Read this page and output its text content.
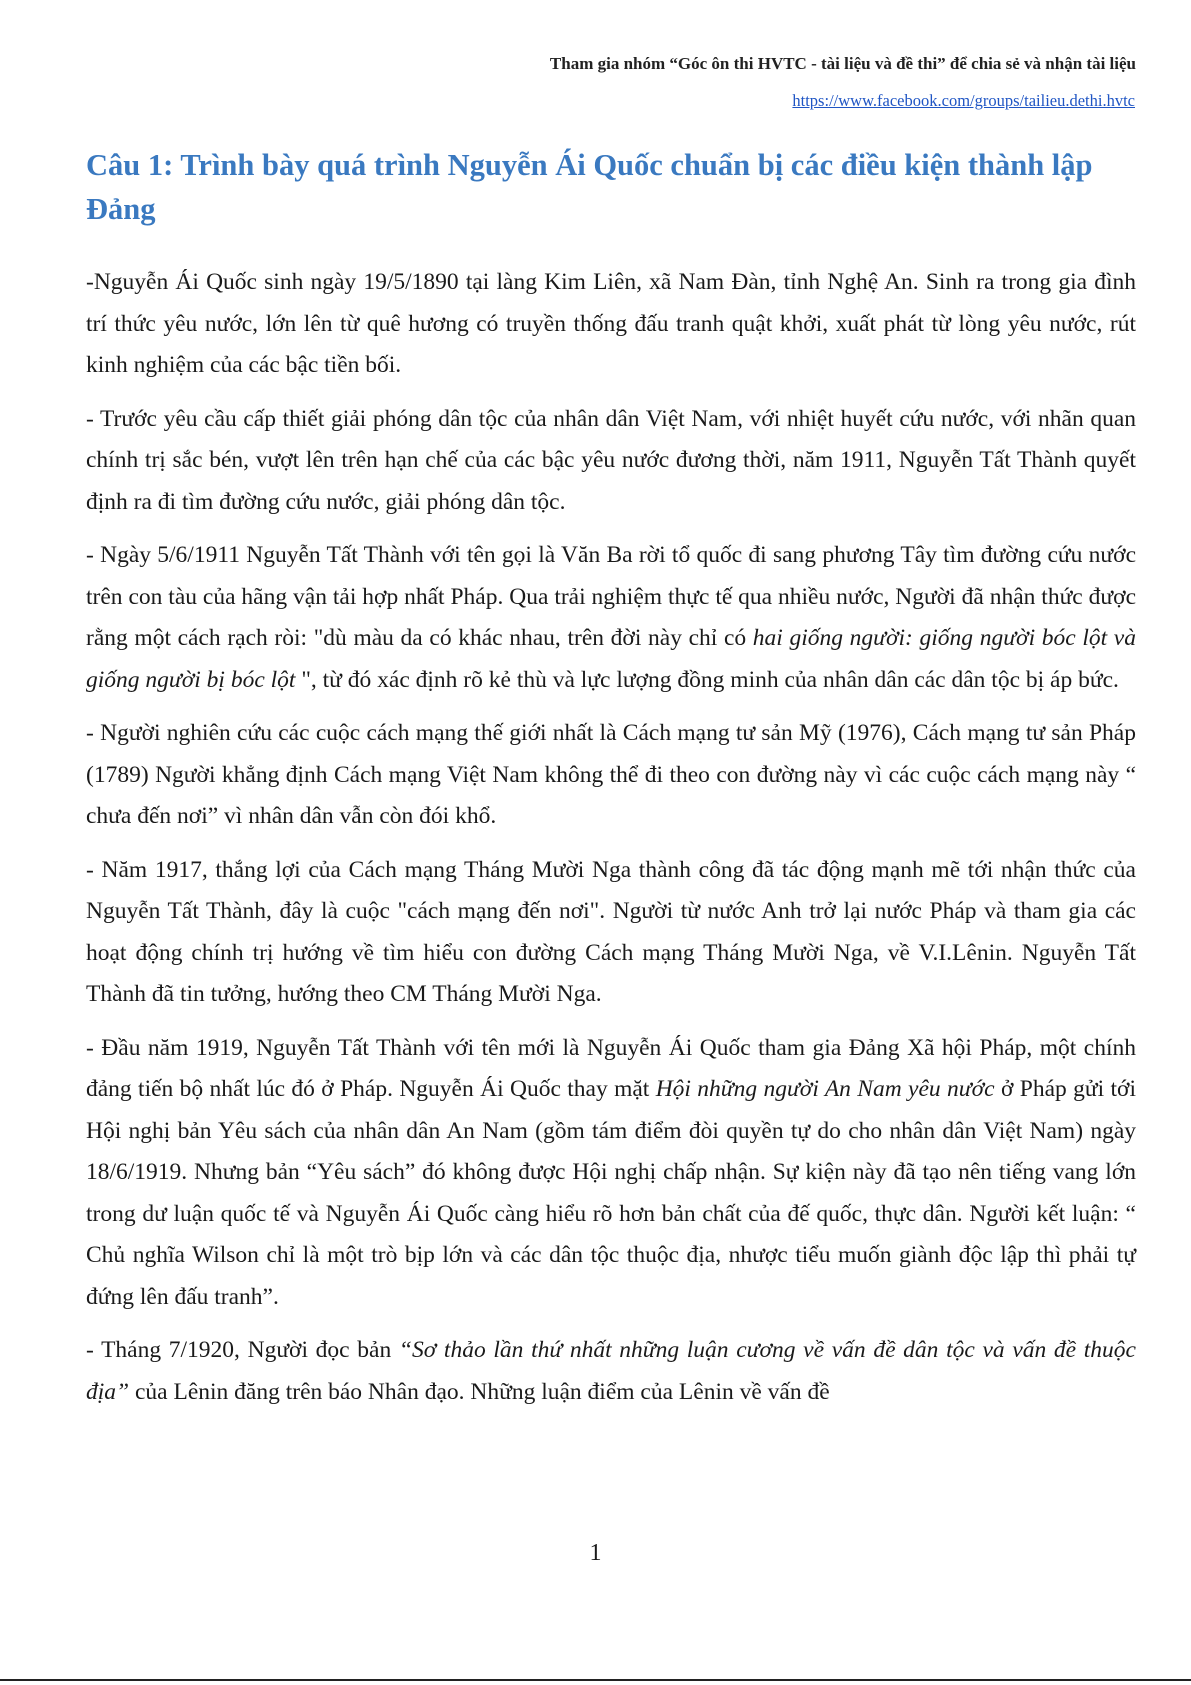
Tham gia nhóm “Góc ôn thi HVTC - tài liệu và đề thi” để chia sẻ và nhận tài liệu
https://www.facebook.com/groups/tailieu.dethi.hvtc
Câu 1: Trình bày quá trình Nguyễn Ái Quốc chuẩn bị các điều kiện thành lập Đảng

-Nguyễn Ái Quốc sinh ngày 19/5/1890 tại làng Kim Liên, xã Nam Đàn, tỉnh Nghệ An. Sinh ra trong gia đình trí thức yêu nước, lớn lên từ quê hương có truyền thống đấu tranh quật khởi, xuất phát từ lòng yêu nước, rút kinh nghiệm của các bậc tiền bối.

- Trước yêu cầu cấp thiết giải phóng dân tộc của nhân dân Việt Nam, với nhiệt huyết cứu nước, với nhãn quan chính trị sắc bén, vượt lên trên hạn chế của các bậc yêu nước đương thời, năm 1911, Nguyễn Tất Thành quyết định ra đi tìm đường cứu nước, giải phóng dân tộc.

- Ngày 5/6/1911 Nguyễn Tất Thành với tên gọi là Văn Ba rời tổ quốc đi sang phương Tây tìm đường cứu nước trên con tàu của hãng vận tải hợp nhất Pháp. Qua trải nghiệm thực tế qua nhiều nước, Người đã nhận thức được rằng một cách rạch ròi: "dù màu da có khác nhau, trên đời này chỉ có hai giống người: giống người bóc lột và giống người bị bóc lột ", từ đó xác định rõ kẻ thù và lực lượng đồng minh của nhân dân các dân tộc bị áp bức.

- Người nghiên cứu các cuộc cách mạng thế giới nhất là Cách mạng tư sản Mỹ (1976), Cách mạng tư sản Pháp (1789) Người khẳng định Cách mạng Việt Nam không thể đi theo con đường này vì các cuộc cách mạng này “ chưa đến nơi” vì nhân dân vẫn còn đói khổ.

- Năm 1917, thắng lợi của Cách mạng Tháng Mười Nga thành công đã tác động mạnh mẽ tới nhận thức của Nguyễn Tất Thành, đây là cuộc "cách mạng đến nơi". Người từ nước Anh trở lại nước Pháp và tham gia các hoạt động chính trị hướng về tìm hiểu con đường Cách mạng Tháng Mười Nga, về V.I.Lênin. Nguyễn Tất Thành đã tin tưởng, hướng theo CM Tháng Mười Nga.

- Đầu năm 1919, Nguyễn Tất Thành với tên mới là Nguyễn Ái Quốc tham gia Đảng Xã hội Pháp, một chính đảng tiến bộ nhất lúc đó ở Pháp. Nguyễn Ái Quốc thay mặt Hội những người An Nam yêu nước ở Pháp gửi tới Hội nghị bản Yêu sách của nhân dân An Nam (gồm tám điểm đòi quyền tự do cho nhân dân Việt Nam) ngày 18/6/1919. Nhưng bản “Yêu sách” đó không được Hội nghị chấp nhận. Sự kiện này đã tạo nên tiếng vang lớn trong dư luận quốc tế và Nguyễn Ái Quốc càng hiểu rõ hơn bản chất của đế quốc, thực dân. Người kết luận: “ Chủ nghĩa Wilson chỉ là một trò bịp lớn và các dân tộc thuộc địa, nhược tiểu muốn giành độc lập thì phải tự đứng lên đấu tranh”.

- Tháng 7/1920, Người đọc bản “Sơ thảo lần thứ nhất những luận cương về vấn đề dân tộc và vấn đề thuộc địa” của Lênin đăng trên báo Nhân đạo. Những luận điểm của Lênin về vấn đề

1
